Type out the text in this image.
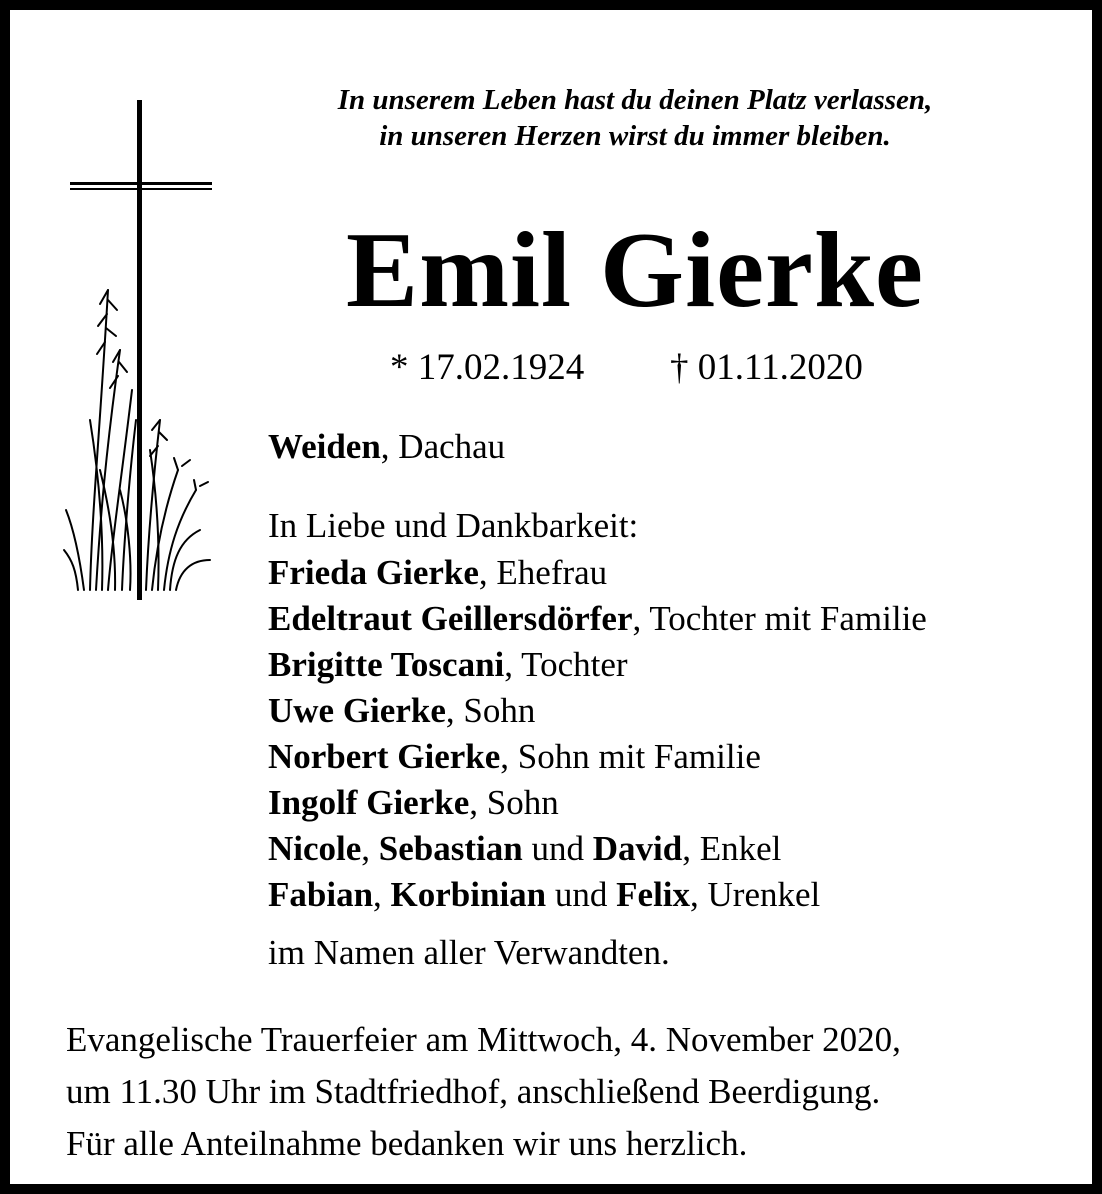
In unserem Leben hast du deinen Platz verlassen,
in unseren Herzen wirst du immer bleiben.
Emil Gierke
* 17.02.1924 † 01.11.2020
Weiden, Dachau
In Liebe und Dankbarkeit:
Frieda Gierke, Ehefrau
Edeltraut Geillersdörfer, Tochter mit Familie
Brigitte Toscani, Tochter
Uwe Gierke, Sohn
Norbert Gierke, Sohn mit Familie
Ingolf Gierke, Sohn
Nicole, Sebastian und David, Enkel
Fabian, Korbinian und Felix, Urenkel
im Namen aller Verwandten.
Evangelische Trauerfeier am Mittwoch, 4. November 2020,
um 11.30 Uhr im Stadtfriedhof, anschließend Beerdigung.
Für alle Anteilnahme bedanken wir uns herzlich.
